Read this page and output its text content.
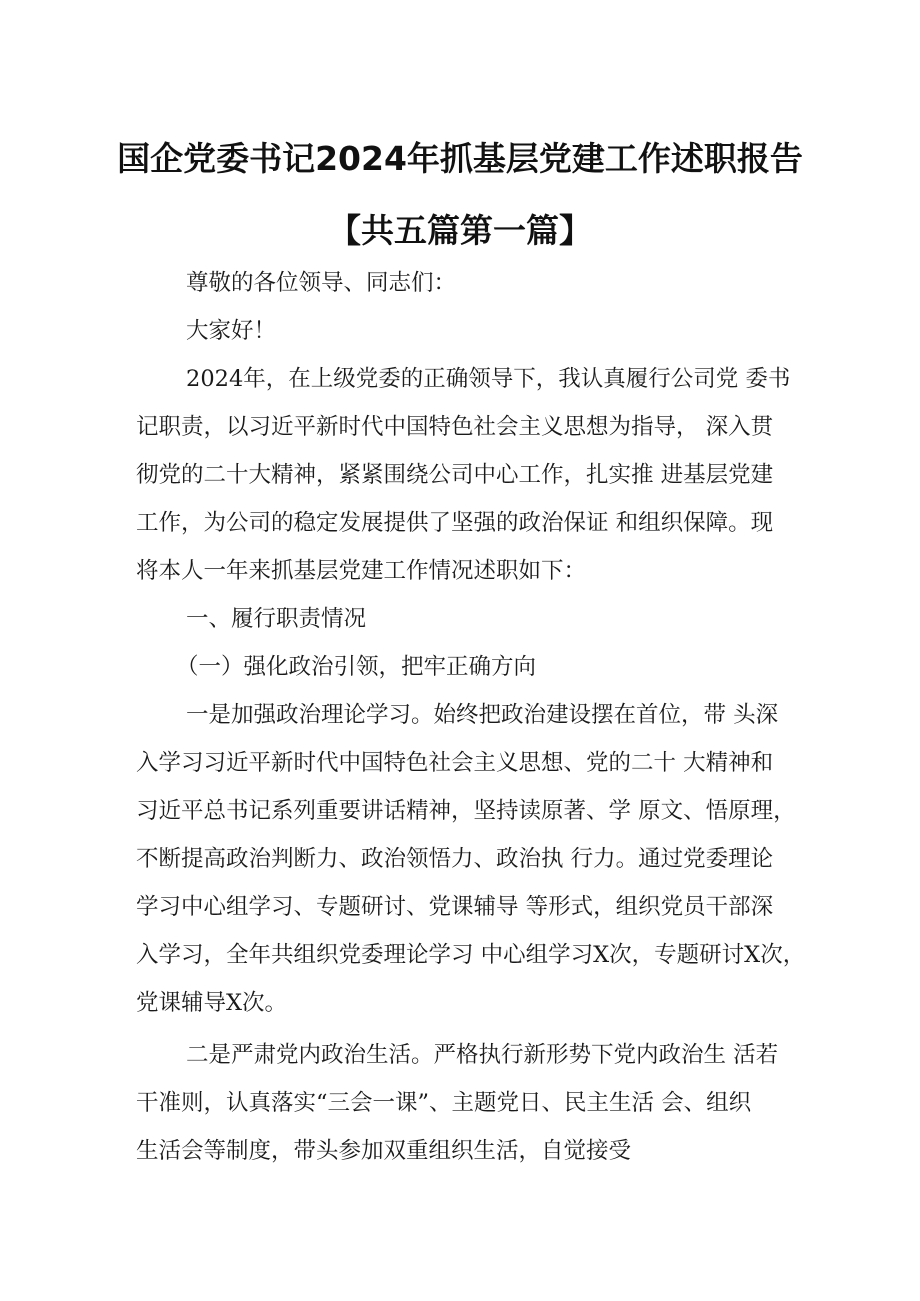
国企党委书记2024年抓基层党建工作述职报告
【共五篇第一篇】
尊敬的各位领导、同志们：
大家好！
2024年，在上级党委的正确领导下，我认真履行公司党 委书
记职责，以习近平新时代中国特色社会主义思想为指导， 深入贯
彻党的二十大精神，紧紧围绕公司中心工作，扎实推 进基层党建
工作，为公司的稳定发展提供了坚强的政治保证 和组织保障。现
将本人一年来抓基层党建工作情况述职如下：
一、履行职责情况
（一）强化政治引领，把牢正确方向
一是加强政治理论学习。始终把政治建设摆在首位，带 头深
入学习习近平新时代中国特色社会主义思想、党的二十 大精神和
习近平总书记系列重要讲话精神，坚持读原著、学 原文、悟原理，
不断提高政治判断力、政治领悟力、政治执 行力。通过党委理论
学习中心组学习、专题研讨、党课辅导 等形式，组织党员干部深
入学习，全年共组织党委理论学习 中心组学习X次，专题研讨X次，
党课辅导X次。
二是严肃党内政治生活。严格执行新形势下党内政治生 活若
干准则，认真落实“三会一课”、主题党日、民主生活 会、组织
生活会等制度，带头参加双重组织生活，自觉接受
